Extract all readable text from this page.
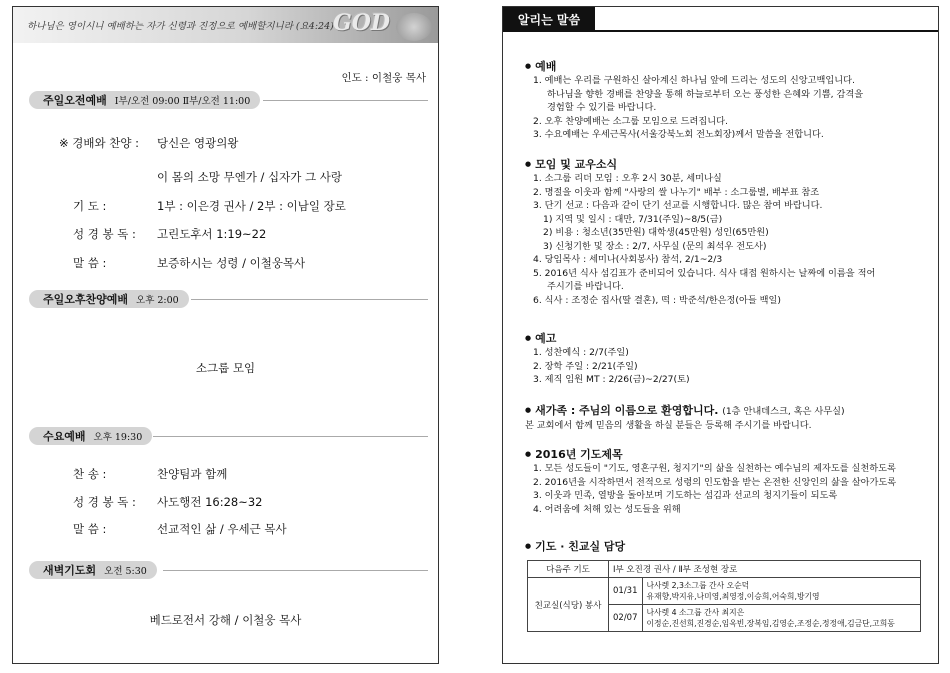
하나님은 영이시니 예배하는 자가 신령과 진정으로 예배할지니라 (요4:24) GOD
인도 : 이철웅 목사
주일오전예배 Ⅰ부/오전 09:00 Ⅱ부/오전 11:00
※ 경배와 찬양 : 당신은 영광의왕
이 몸의 소망 무엔가 / 십자가 그 사랑
기 도 :	1부 : 이은경 권사 / 2부 : 이남일 장로
성 경 봉 독 : 고린도후서 1:19~22
말 씀 :	보증하시는 성령 / 이철웅목사
주일오후찬양예배 오후 2:00
소그룹 모임
수요예배 오후 19:30
찬 송 :	찬양팀과 함께
성 경 봉 독 : 사도행전 16:28~32
말 씀 :	선교적인 삶 / 우세근 목사
새벽기도회 오전 5:30
베드로전서 강해 / 이철웅 목사
알리는 말씀
● 예배
1. 예배는 우리를 구원하신 살아계신 하나님 앞에 드리는 성도의 신앙고백입니다.
하나님을 향한 경배를 찬양을 통해 하늘로부터 오는 풍성한 은혜와 기쁨, 감격을
경험할 수 있기를 바랍니다.
2. 오후 찬양예배는 소그룹 모임으로 드려집니다.
3. 수요예배는 우세근목사(서울강북노회 전노회장)께서 말씀을 전합니다.
● 모임 및 교우소식
1. 소그룹 리더 모임 : 오후 2시 30분, 세미나실
2. 명절을 이웃과 함께 "사랑의 쌀 나누기" 배부 : 소그룹별, 배부표 참조
3. 단기 선교 : 다음과 같이 단기 선교를 시행합니다. 많은 참여 바랍니다.
1) 지역 및 일시 : 대만, 7/31(주일)~8/5(금)
2) 비용 : 청소년(35만원) 대학생(45만원) 성인(65만원)
3) 신청기한 및 장소 : 2/7, 사무실 (문의 최석우 전도사)
4. 당임목사 : 세미나(사회봉사) 참석, 2/1~2/3
5. 2016년 식사 섬김표가 준비되어 있습니다. 식사 대접 원하시는 날짜에 이름을 적어
주시기를 바랍니다.
6. 식사 : 조정순 집사(딸 결혼), 떡 : 박준석/한은정(아들 백일)
● 예고
1. 성찬예식 : 2/7(주일)
2. 장학 주일 : 2/21(주일)
3. 제직 임원 MT : 2/26(금)~2/27(토)
● 새가족 : 주님의 이름으로 환영합니다. (1층 안내데스크, 혹은 사무실)
본 교회에서 함께 믿음의 생활을 하실 분들은 등록해 주시기를 바랍니다.
● 2016년 기도제목
1. 모든 성도들이 "기도, 영혼구원, 청지기"의 삶을 실천하는 예수님의 제자도를 실천하도록
2. 2016년을 시작하면서 전적으로 성령의 인도함을 받는 온전한 신앙인의 삶을 살아가도록
3. 이웃과 민족, 열방을 돌아보며 기도하는 섬김과 선교의 청지기들이 되도록
4. 어려움에 처해 있는 성도들을 위해
● 기도 · 친교실 담당
다음주 기도	Ⅰ부 오진경 권사 / Ⅱ부 조성현 장로	
친교실(식당) 봉사	01/31	나사렛 2,3소그룹 간사 오순덕
유재향,박지유,나미영,최영정,이승희,어숙희,방기영

	02/07	나사렛 4 소그룹 간사 최지은
이정순,진선희,진경순,임옥빈,장복임,김영순,조정순,정정애,김금단,고희동
